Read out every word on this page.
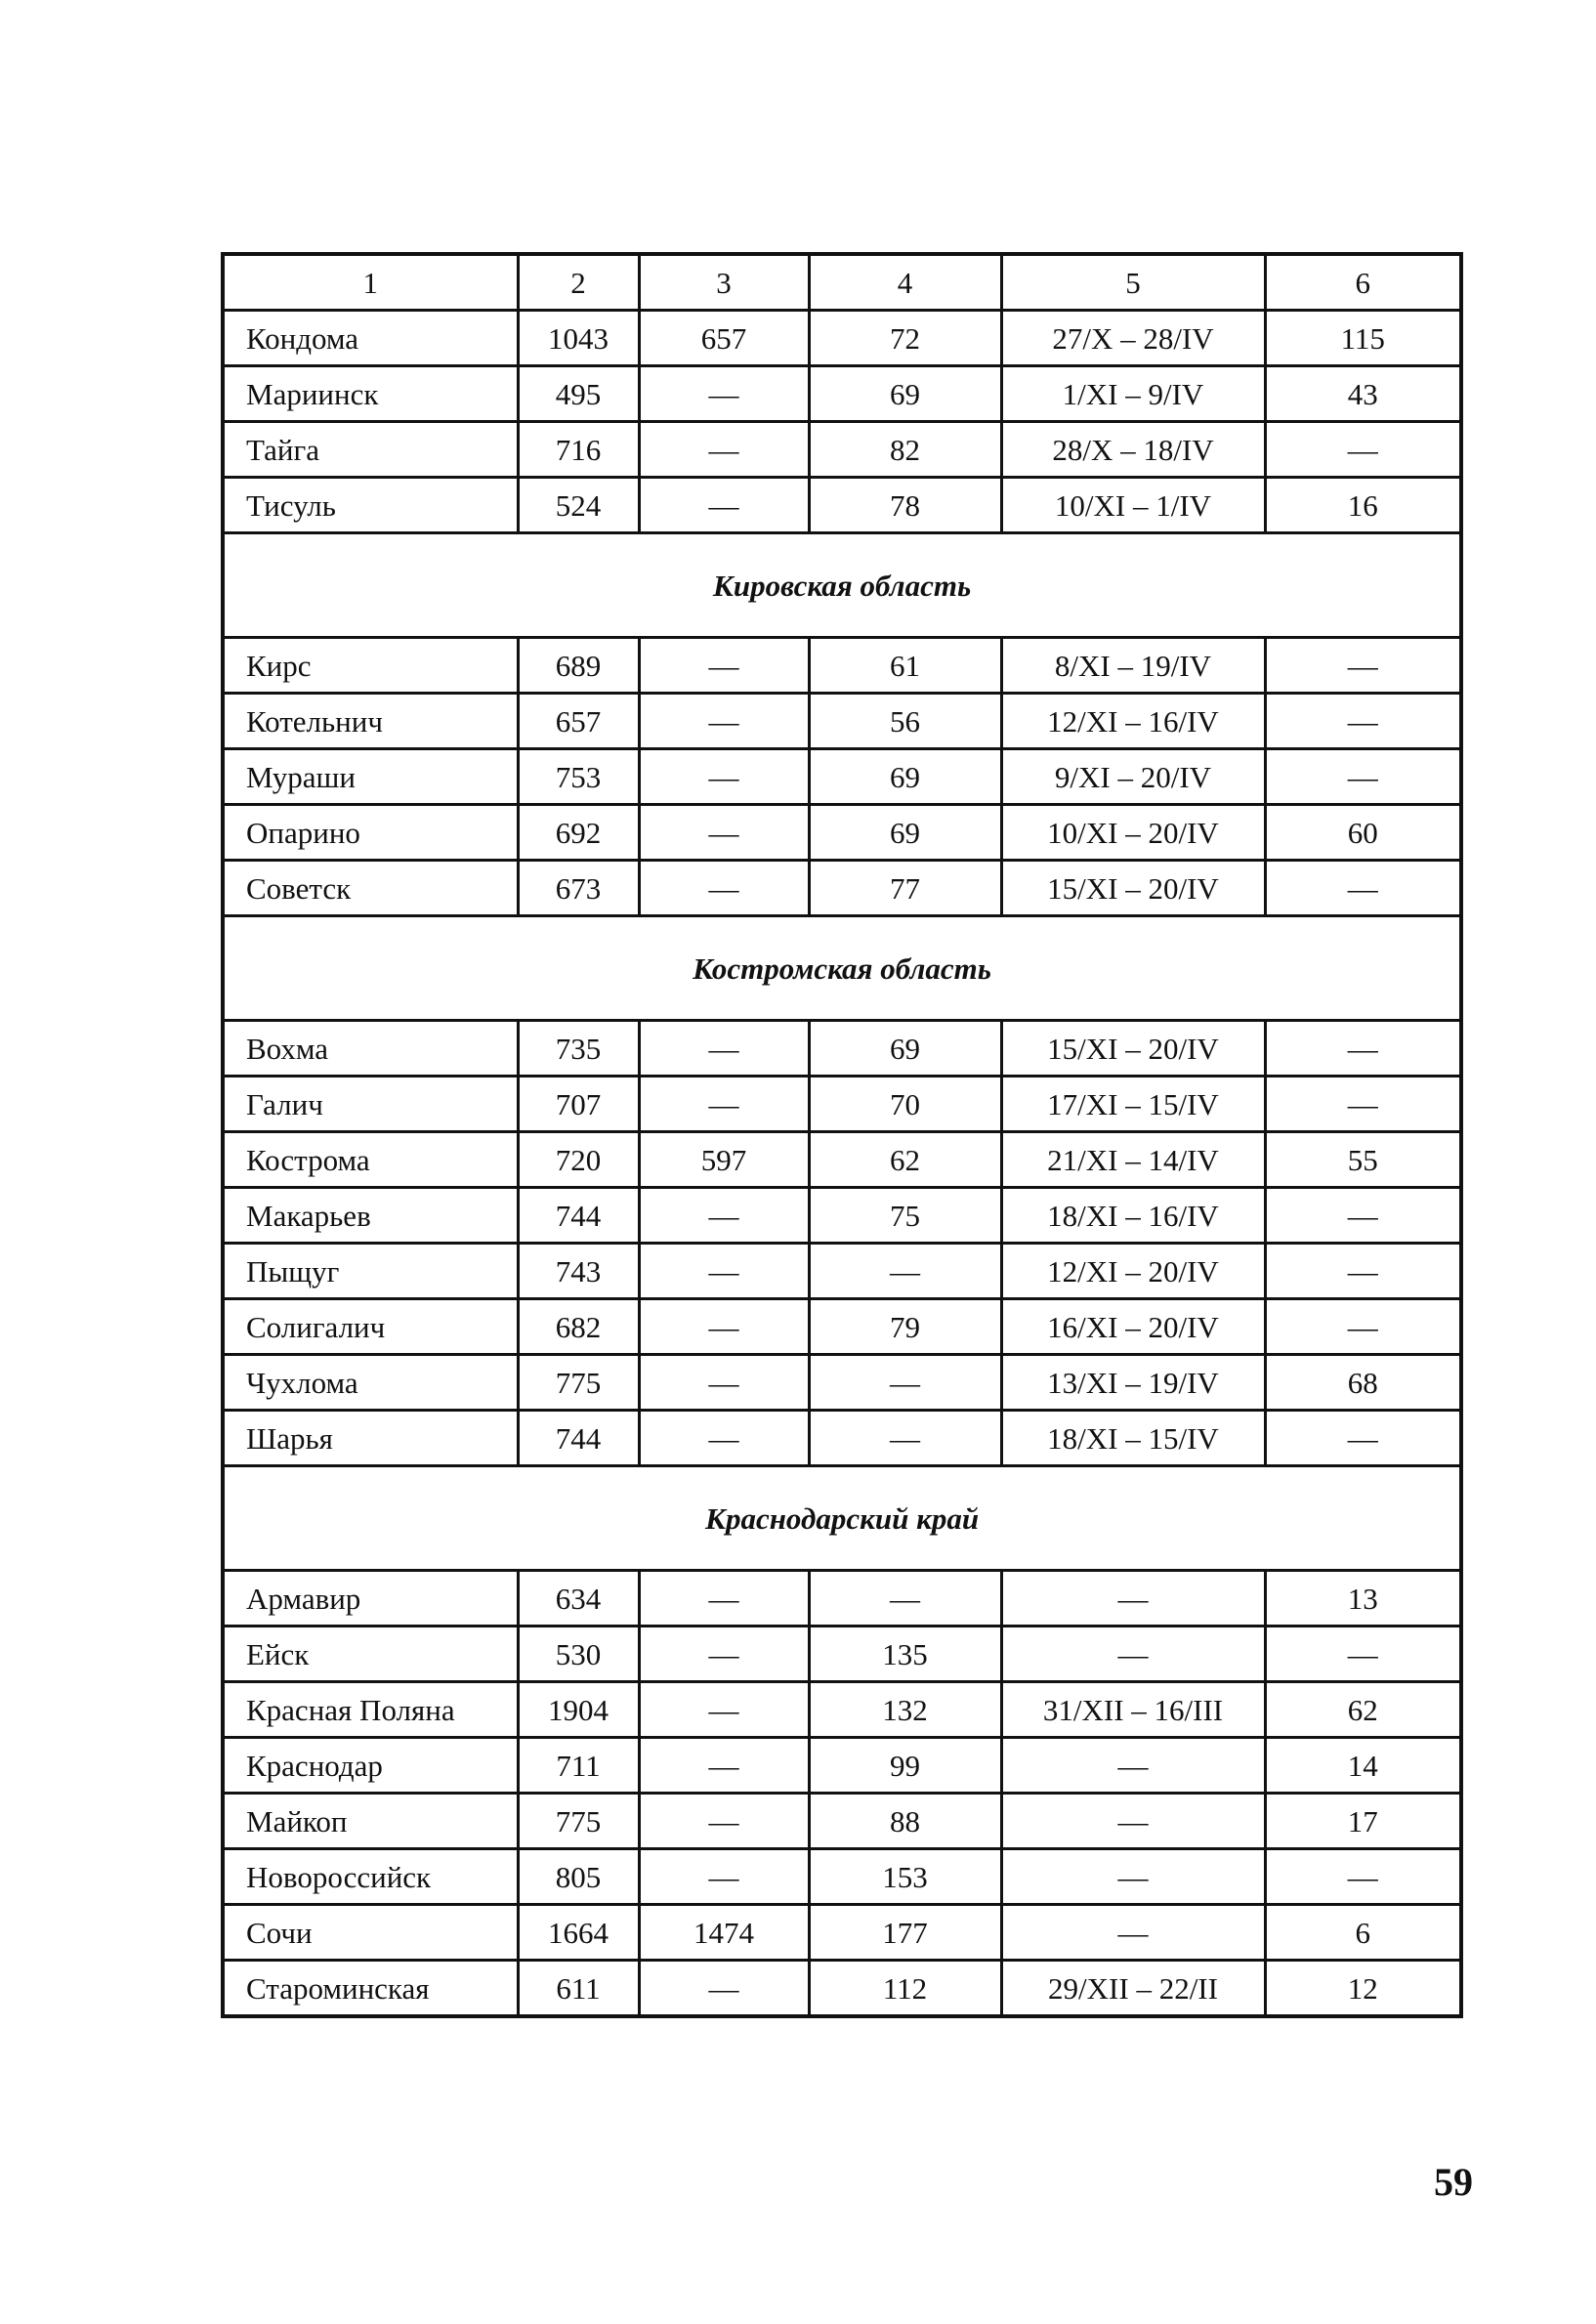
1	2	3	4	5	6
Кондома	1043	657	72	27/X – 28/IV	115
Мариинск	495	—	69	1/XI – 9/IV	43
Тайга	716	—	82	28/X – 18/IV	—
Тисуль	524	—	78	10/XI – 1/IV	16
Кировская область					
Кирс	689	—	61	8/XI – 19/IV	—
Котельнич	657	—	56	12/XI – 16/IV	—
Мураши	753	—	69	9/XI – 20/IV	—
Опарино	692	—	69	10/XI – 20/IV	60
Советск	673	—	77	15/XI – 20/IV	—
Костромская область					
Вохма	735	—	69	15/XI – 20/IV	—
Галич	707	—	70	17/XI – 15/IV	—
Кострома	720	597	62	21/XI – 14/IV	55
Макарьев	744	—	75	18/XI – 16/IV	—
Пыщуг	743	—	—	12/XI – 20/IV	—
Солигалич	682	—	79	16/XI – 20/IV	—
Чухлома	775	—	—	13/XI – 19/IV	68
Шарья	744	—	—	18/XI – 15/IV	—
Краснодарский край					
Армавир	634	—	—	—	13
Ейск	530	—	135	—	—
Красная Поляна	1904	—	132	31/XII – 16/III	62
Краснодар	711	—	99	—	14
Майкоп	775	—	88	—	17
Новороссийск	805	—	153	—	—
Сочи	1664	1474	177	—	6
Староминская	611	—	112	29/XII – 22/II	12
59
